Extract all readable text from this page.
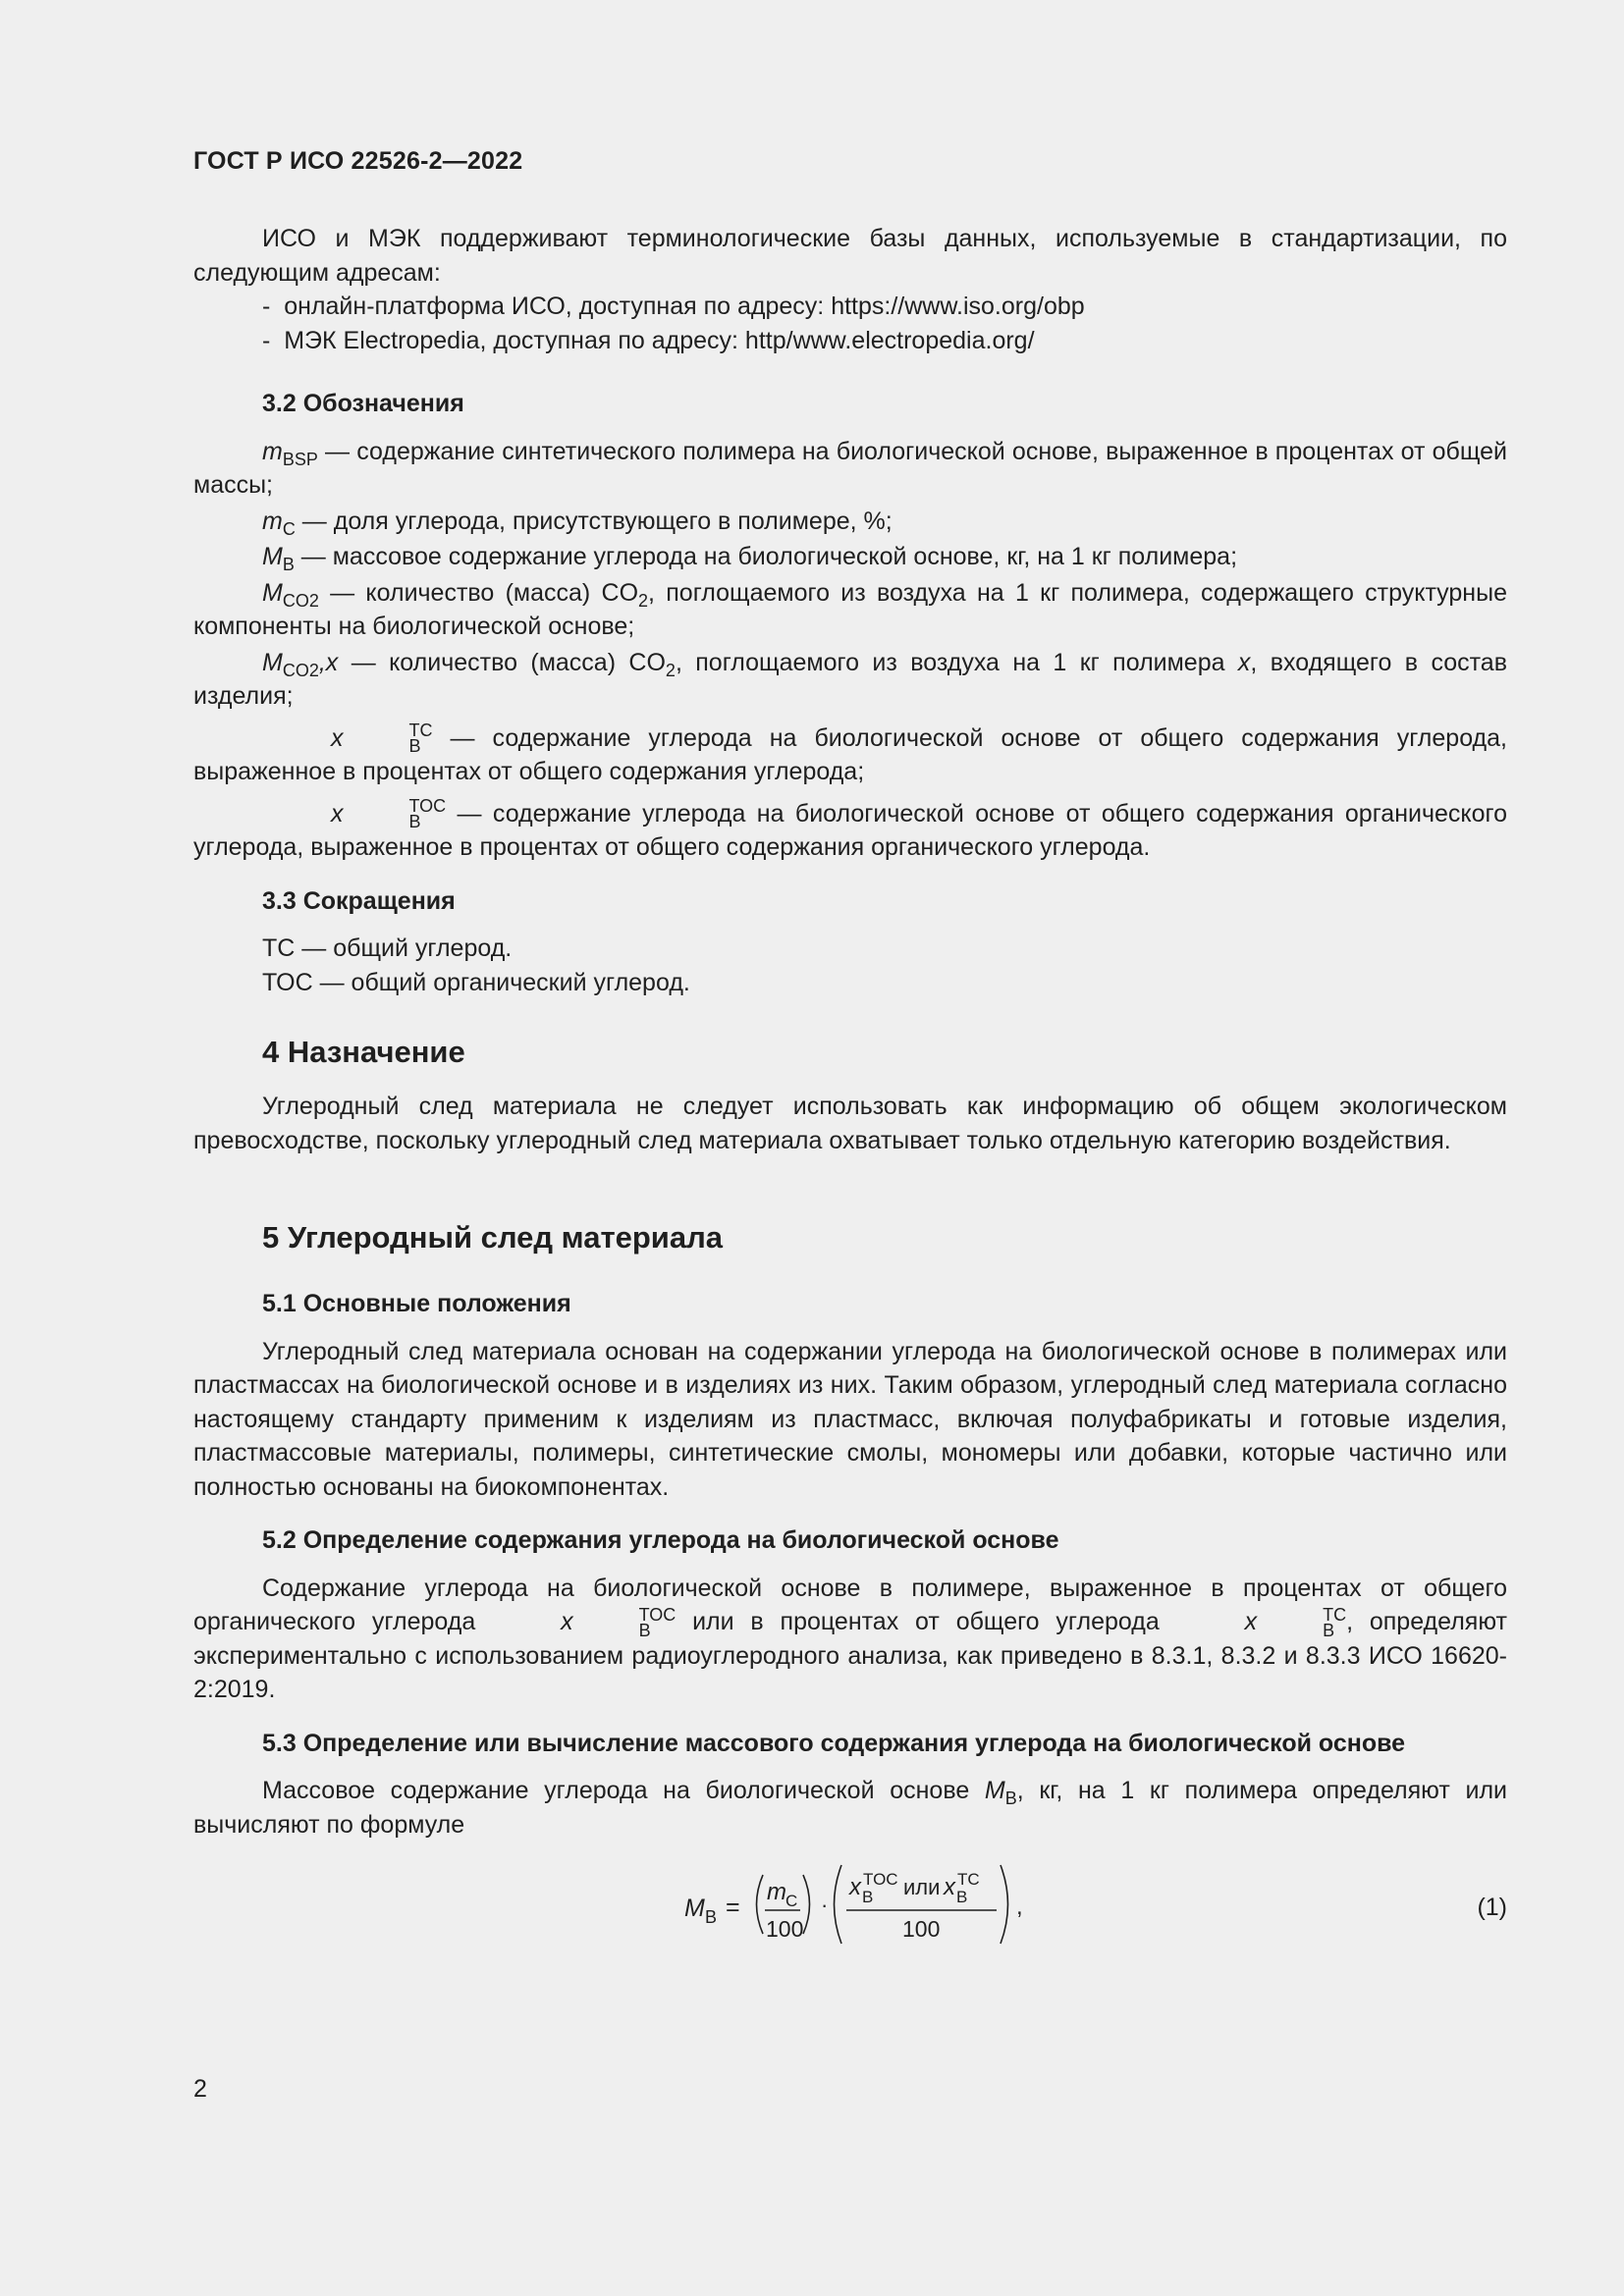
ГОСТ Р ИСО 22526-2—2022

ИСО и МЭК поддерживают терминологические базы данных, используемые в стандартизации, по следующим адресам:

-  онлайн-платформа ИСО, доступная по адресу: https://www.iso.org/obp

-  МЭК Electropedia, доступная по адресу: http/www.electropedia.org/

3.2 Обозначения

$m_{BSP}$ — содержание синтетического полимера на биологической основе, выраженное в процентах от общей массы;

$m_C$ — доля углерода, присутствующего в полимере, %;

$M_B$ — массовое содержание углерода на биологической основе, кг, на 1 кг полимера;

$M_{CO2}$ — количество (масса) $CO_2$, поглощаемого из воздуха на 1 кг полимера, содержащего структурные компоненты на биологической основе;

$M_{CO2},x$ — количество (масса) $CO_2$, поглощаемого из воздуха на 1 кг полимера x, входящего в состав изделия;

x	TC
B — содержание углерода на биологической основе от общего содержания углерода, выраженное в процентах от общего содержания углерода;

x	TOC
B — содержание углерода на биологической основе от общего содержания органического углерода, выраженное в процентах от общего содержания органического углерода.

3.3 Сокращения

ТС — общий углерод.

ТОС — общий органический углерод.

4 Назначение

Углеродный след материала не следует использовать как информацию об общем экологическом превосходстве, поскольку углеродный след материала охватывает только отдельную категорию воздействия.

5 Углеродный след материала

5.1 Основные положения

Углеродный след материала основан на содержании углерода на биологической основе в полимерах или пластмассах на биологической основе и в изделиях из них. Таким образом, углеродный след материала согласно настоящему стандарту применим к изделиям из пластмасс, включая полуфабрикаты и готовые изделия, пластмассовые материалы, полимеры, синтетические смолы, мономеры или добавки, которые частично или полностью основаны на биокомпонентах.

5.2 Определение содержания углерода на биологической основе

Содержание углерода на биологической основе в полимере, выраженное в процентах от общего органического углерода	x	TOC
B или в процентах от общего углерода	x	TC
B , определяют экспериментально с использованием радиоуглеродного анализа, как приведено в 8.3.1, 8.3.2 и 8.3.3 ИСО 16620-2:2019.

5.3 Определение или вычисление массового содержания углерода на биологической основе

Массовое содержание углерода на биологической основе $M_B$, кг, на 1 кг полимера определяют или вычисляют по формуле

M B =
m C
100
·
x TOC
B или x TC
B
100
,	(1)
2
